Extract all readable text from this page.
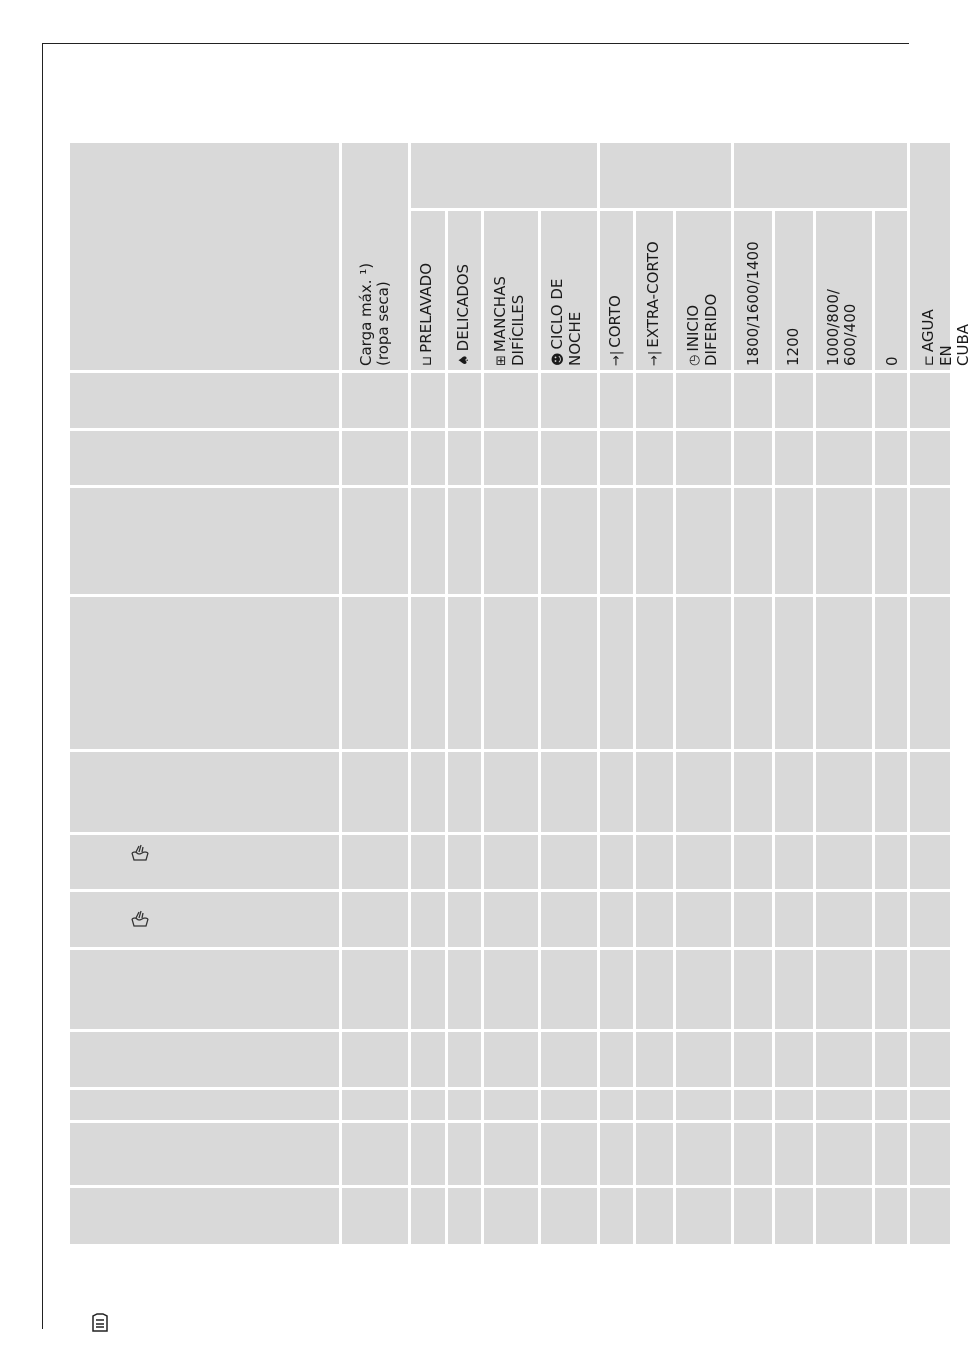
Carga máx. ¹)
(ropa seca)
⊔PRELAVADO
♠DELICADOS
⊞MANCHAS
DIFÍCILES ☻CICLO DE
NOCHE →|CORTO
→|EXTRA-CORTO
◷INICIO
DIFERIDO 1800/1600/1400 1200 1000/800/
600/400 0 ⊏AGUA EN CUBA
